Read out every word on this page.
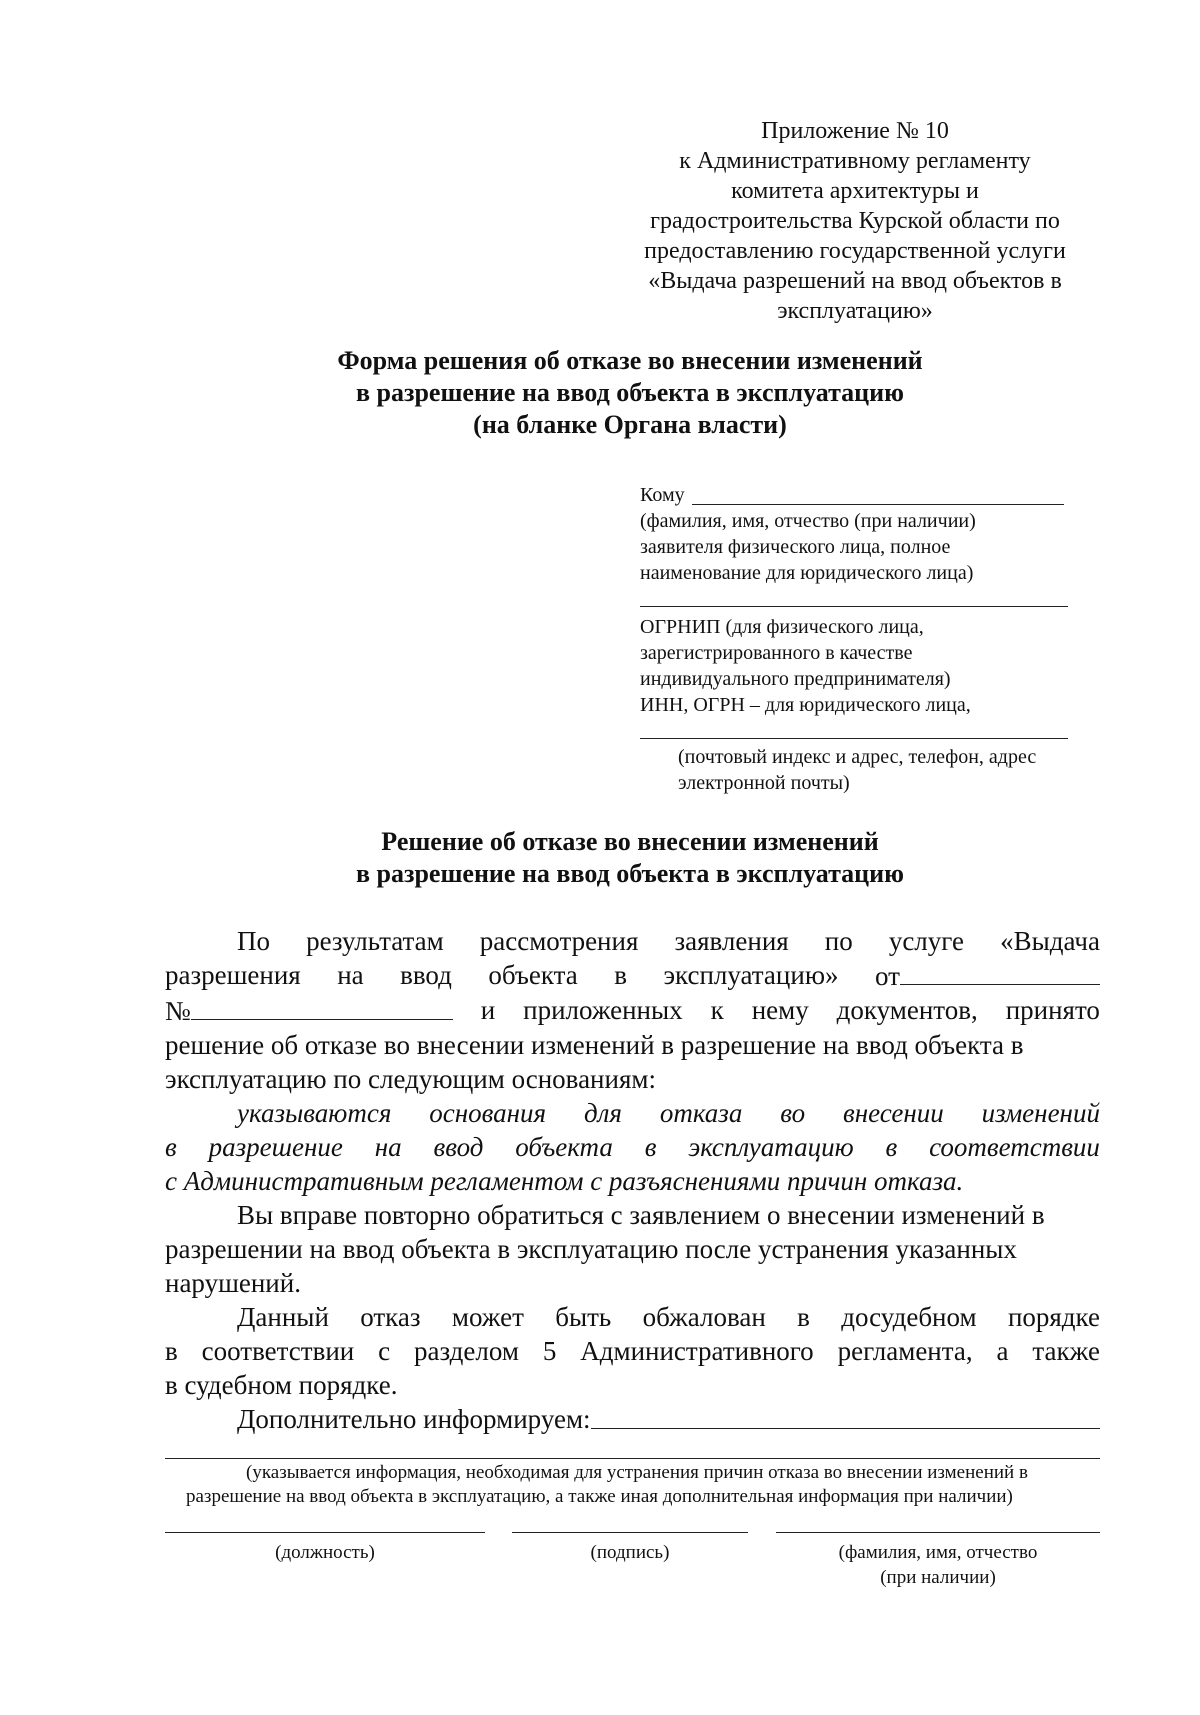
Приложение № 10
к Административному регламенту
комитета архитектуры и
градостроительства Курской области по
предоставлению государственной услуги
«Выдача разрешений на ввод объектов в
эксплуатацию»
Форма решения об отказе во внесении изменений
в разрешение на ввод объекта в эксплуатацию
(на бланке Органа власти)
Кому
(фамилия, имя, отчество (при наличии)
заявителя физического лица, полное
наименование для юридического лица)
ОГРНИП (для физического лица,
зарегистрированного в качестве
индивидуального предпринимателя)
ИНН, ОГРН – для юридического лица,
(почтовый индекс и адрес, телефон, адрес
электронной почты)
Решение об отказе во внесении изменений
в разрешение на ввод объекта в эксплуатацию
По результатам рассмотрения заявления по услуге «Выдача
разрешения на ввод объекта в эксплуатацию» от
№	и приложенных к нему документов, принято
решение об отказе во внесении изменений в разрешение на ввод объекта в
эксплуатацию по следующим основаниям:
указываются основания для отказа во внесении изменений
в разрешение на ввод объекта в эксплуатацию в соответствии
с Административным регламентом с разъяснениями причин отказа.
Вы вправе повторно обратиться с заявлением о внесении изменений в
разрешении на ввод объекта в эксплуатацию после устранения указанных
нарушений.
Данный отказ может быть обжалован в досудебном порядке
в соответствии с разделом 5 Административного регламента, а также
в судебном порядке.
Дополнительно информируем:
(указывается информация, необходимая для устранения причин отказа во внесении изменений в
разрешение на ввод объекта в эксплуатацию, а также иная дополнительная информация при наличии)
(должность)	(подпись)	(фамилия, имя, отчество
(при наличии)
